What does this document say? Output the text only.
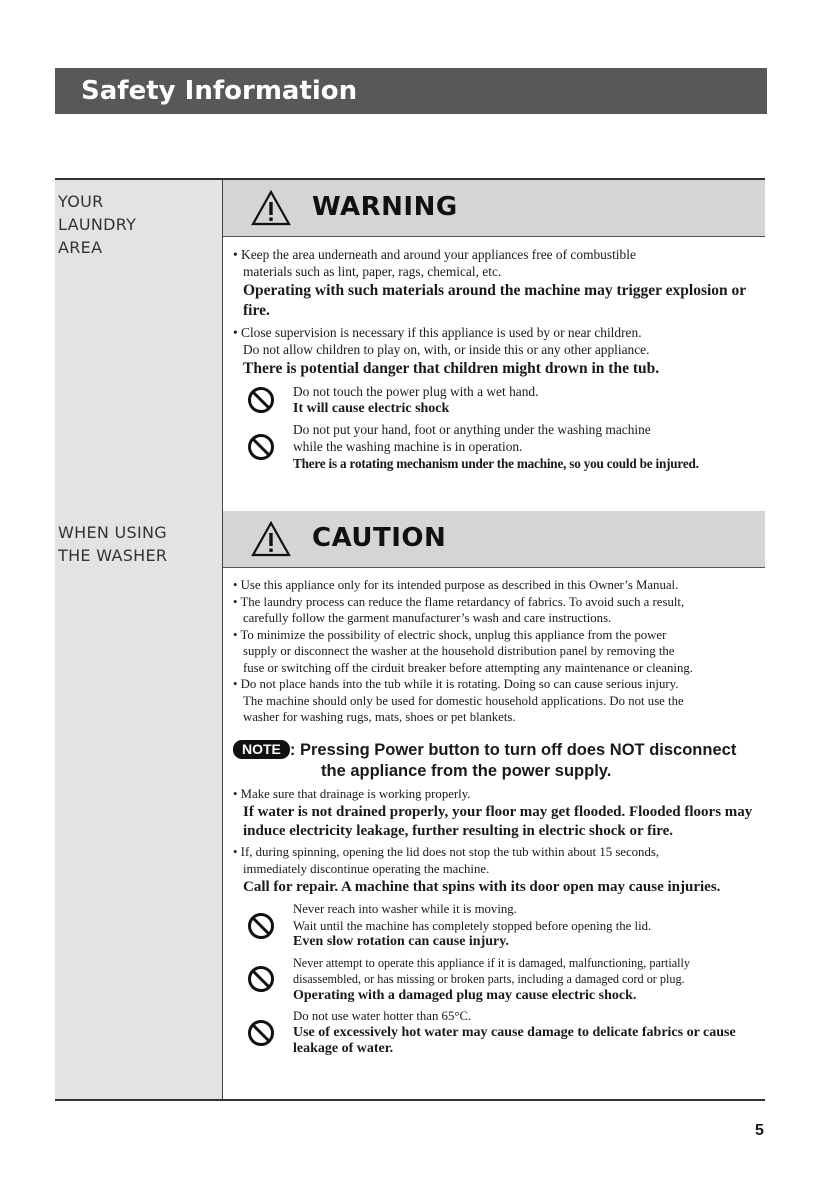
Safety Information
YOUR
LAUNDRY
AREA
WARNING

• Keep the area underneath and around your appliances free of combustible

materials such as lint, paper, rags, chemical, etc.

Operating with such materials around the machine may trigger explosion or fire.

• Close supervision is necessary if this appliance is used by or near children.

Do not allow children to play on, with, or inside this or any other appliance.

There is potential danger that children might drown in the tub.

Do not touch the power plug with a wet hand.

It will cause electric shock

Do not put your hand, foot or anything under the washing machine

while the washing machine is in operation.

There is a rotating mechanism under the machine, so you could be injured.

WHEN USING
THE WASHER
CAUTION

• Use this appliance only for its intended purpose as described in this Owner’s Manual.

• The laundry process can reduce the flame retardancy of fabrics. To avoid such a result,

carefully follow the garment manufacturer’s wash and care instructions.

• To minimize the possibility of electric shock, unplug this appliance from the power

supply or disconnect the washer at the household distribution panel by removing the

fuse or switching off the cirduit breaker before attempting any maintenance or cleaning.

• Do not place hands into the tub while it is rotating. Doing so can cause serious injury.

The machine should only be used for domestic household applications. Do not use the

washer for washing rugs, mats, shoes or pet blankets.

NOTE : Pressing Power button to turn off does NOT disconnect
the appliance from the power supply.

• Make sure that drainage is working properly.

If water is not drained properly, your floor may get flooded. Flooded floors may induce electricity leakage, further resulting in electric shock or fire.

• If, during spinning, opening the lid does not stop the tub within about 15 seconds,

immediately discontinue operating the machine.

Call for repair. A machine that spins with its door open may cause injuries.

Never reach into washer while it is moving.

Wait until the machine has completely stopped before opening the lid.

Even slow rotation can cause injury.

Never attempt to operate this appliance if it is damaged, malfunctioning, partially

disassembled, or has missing or broken parts, including a damaged cord or plug.

Operating with a damaged plug may cause electric shock.

Do not use water hotter than 65°C.

Use of excessively hot water may cause damage to delicate fabrics or cause leakage of water.

5
